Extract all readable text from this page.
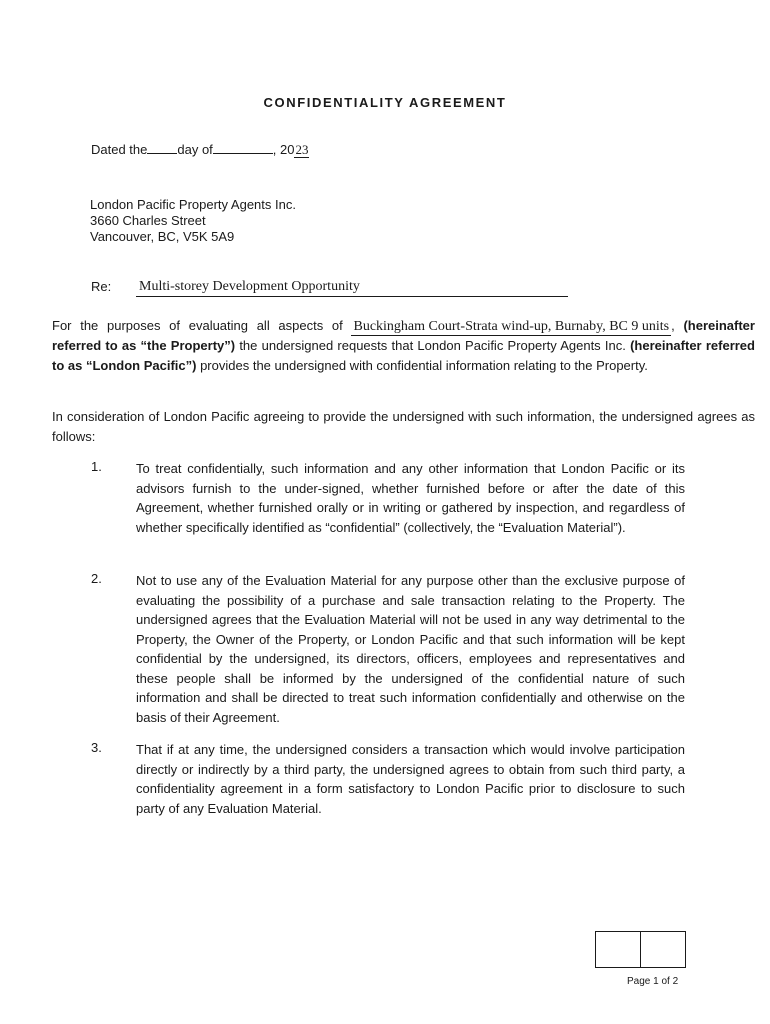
CONFIDENTIALITY AGREEMENT
Dated the day of	, 2023
London Pacific Property Agents Inc.
3660 Charles Street
Vancouver, BC, V5K 5A9
Re: Multi-storey Development Opportunity
For the purposes of evaluating all aspects of Buckingham Court-Strata wind-up, Burnaby, BC 9 units , (hereinafter referred to as “the Property”) the undersigned requests that London Pacific Property Agents Inc. (hereinafter referred to as “London Pacific”) provides the undersigned with confidential information relating to the Property.
In consideration of London Pacific agreeing to provide the undersigned with such information, the undersigned agrees as follows:
1.	To treat confidentially, such information and any other information that London Pacific or its advisors furnish to the under-signed, whether furnished before or after the date of this Agreement, whether furnished orally or in writing or gathered by inspection, and regardless of whether specifically identified as “confidential” (collectively, the “Evaluation Material”).
2.	Not to use any of the Evaluation Material for any purpose other than the exclusive purpose of evaluating the possibility of a purchase and sale transaction relating to the Property. The undersigned agrees that the Evaluation Material will not be used in any way detrimental to the Property, the Owner of the Property, or London Pacific and that such information will be kept confidential by the undersigned, its directors, officers, employees and representatives and these people shall be informed by the undersigned of the confidential nature of such information and shall be directed to treat such information confidentially and otherwise on the basis of their Agreement.
3.	That if at any time, the undersigned considers a transaction which would involve participation directly or indirectly by a third party, the undersigned agrees to obtain from such third party, a confidentiality agreement in a form satisfactory to London Pacific prior to disclosure to such party of any Evaluation Material.
Page 1 of 2
